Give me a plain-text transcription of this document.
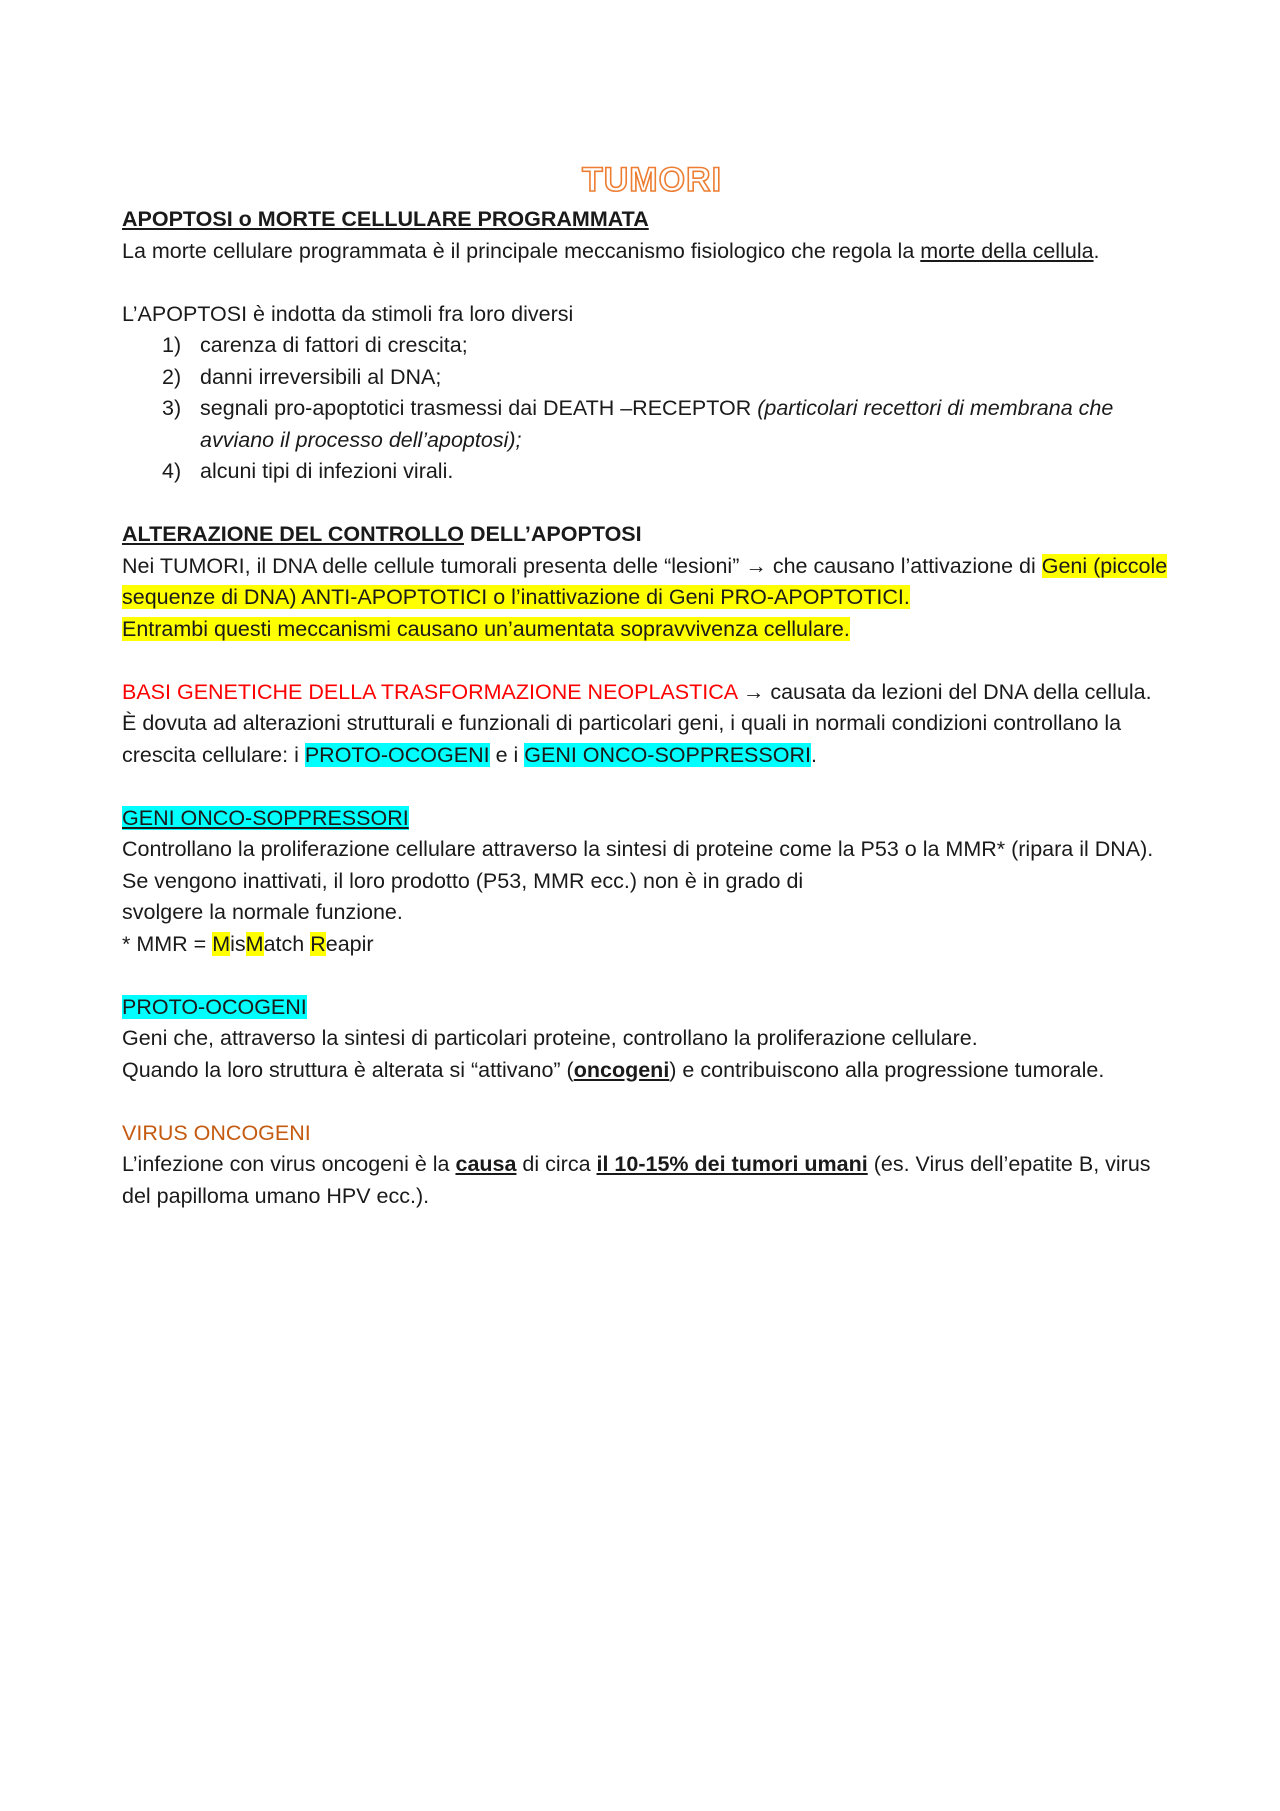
TUMORI

APOPTOSI o MORTE CELLULARE PROGRAMMATA

La morte cellulare programmata è il principale meccanismo fisiologico che regola la morte della cellula.

L’APOPTOSI è indotta da stimoli fra loro diversi

1) carenza di fattori di crescita;
2) danni irreversibili al DNA;
3) segnali pro-apoptotici trasmessi dai DEATH –RECEPTOR (particolari recettori di membrana che avviano il processo dell’apoptosi);
4) alcuni tipi di infezioni virali.

ALTERAZIONE DEL CONTROLLO DELL’APOPTOSI

Nei TUMORI, il DNA delle cellule tumorali presenta delle “lesioni” → che causano l’attivazione di Geni (piccole sequenze di DNA) ANTI-APOPTOTICI o l’inattivazione di Geni PRO-APOPTOTICI.
Entrambi questi meccanismi causano un’aumentata sopravvivenza cellulare.

BASI GENETICHE DELLA TRASFORMAZIONE NEOPLASTICA → causata da lezioni del DNA della cellula.

È dovuta ad alterazioni strutturali e funzionali di particolari geni, i quali in normali condizioni controllano la crescita cellulare: i PROTO-OCOGENI e i GENI ONCO-SOPPRESSORI.

GENI ONCO-SOPPRESSORI

Controllano la proliferazione cellulare attraverso la sintesi di proteine come la P53 o la MMR* (ripara il DNA).

Se vengono inattivati, il loro prodotto (P53, MMR ecc.) non è in grado di

svolgere la normale funzione.

* MMR = MisMatch Reapir

PROTO-OCOGENI

Geni che, attraverso la sintesi di particolari proteine, controllano la proliferazione cellulare.

Quando la loro struttura è alterata si “attivano” (oncogeni) e contribuiscono alla progressione tumorale.

VIRUS ONCOGENI

L’infezione con virus oncogeni è la causa di circa il 10-15% dei tumori umani (es. Virus dell’epatite B, virus del papilloma umano HPV ecc.).
